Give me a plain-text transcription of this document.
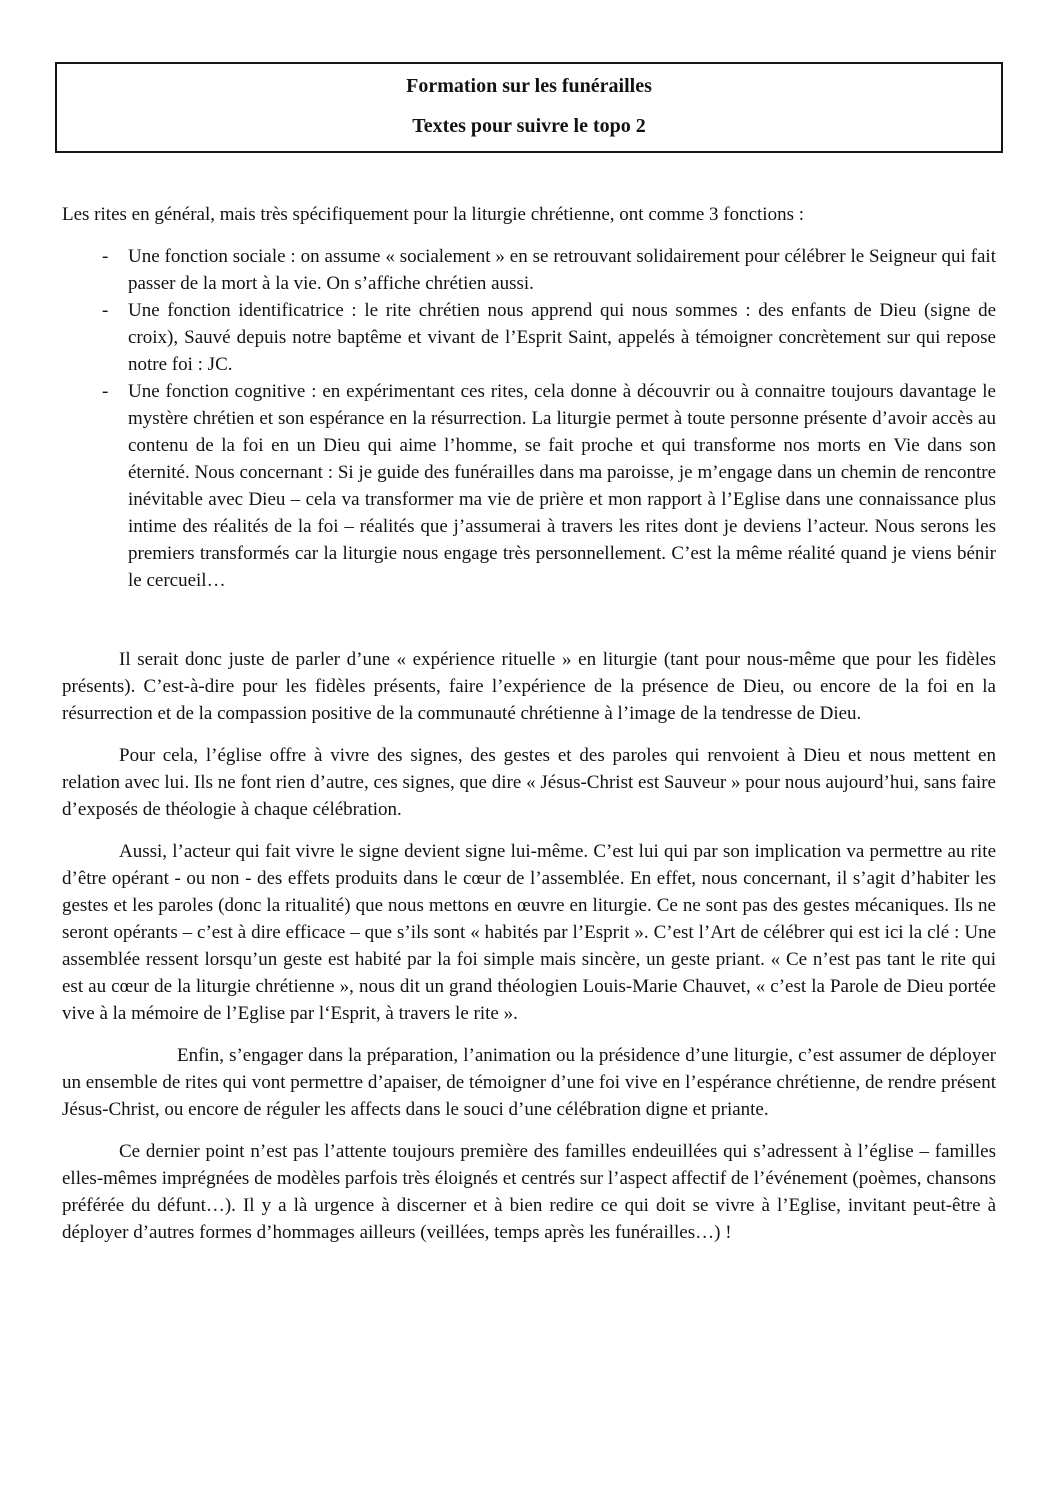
Formation sur les funérailles

Textes pour suivre le topo 2

Les rites en général, mais très spécifiquement pour la liturgie chrétienne, ont comme 3 fonctions :

- Une fonction sociale : on assume « socialement » en se retrouvant solidairement pour célébrer le Seigneur qui fait passer de la mort à la vie. On s’affiche chrétien aussi.
- Une fonction identificatrice : le rite chrétien nous apprend qui nous sommes : des enfants de Dieu (signe de croix), Sauvé depuis notre baptême et vivant de l’Esprit Saint, appelés à témoigner concrètement sur qui repose notre foi : JC.
- Une fonction cognitive : en expérimentant ces rites, cela donne à découvrir ou à connaitre toujours davantage le mystère chrétien et son espérance en la résurrection. La liturgie permet à toute personne présente d’avoir accès au contenu de la foi en un Dieu qui aime l’homme, se fait proche et qui transforme nos morts en Vie dans son éternité. Nous concernant : Si je guide des funérailles dans ma paroisse, je m’engage dans un chemin de rencontre inévitable avec Dieu – cela va transformer ma vie de prière et mon rapport à l’Eglise dans une connaissance plus intime des réalités de la foi – réalités que j’assumerai à travers les rites dont je deviens l’acteur. Nous serons les premiers transformés car la liturgie nous engage très personnellement. C’est la même réalité quand je viens bénir le cercueil…

Il serait donc juste de parler d’une « expérience rituelle » en liturgie (tant pour nous-même que pour les fidèles présents). C’est-à-dire pour les fidèles présents, faire l’expérience de la présence de Dieu, ou encore de la foi en la résurrection et de la compassion positive de la communauté chrétienne à l’image de la tendresse de Dieu.

Pour cela, l’église offre à vivre des signes, des gestes et des paroles qui renvoient à Dieu et nous mettent en relation avec lui. Ils ne font rien d’autre, ces signes, que dire « Jésus-Christ est Sauveur » pour nous aujourd’hui, sans faire d’exposés de théologie à chaque célébration.

Aussi, l’acteur qui fait vivre le signe devient signe lui-même. C’est lui qui par son implication va permettre au rite d’être opérant - ou non - des effets produits dans le cœur de l’assemblée. En effet, nous concernant, il s’agit d’habiter les gestes et les paroles (donc la ritualité) que nous mettons en œuvre en liturgie. Ce ne sont pas des gestes mécaniques. Ils ne seront opérants – c’est à dire efficace – que s’ils sont « habités par l’Esprit ». C’est l’Art de célébrer qui est ici la clé : Une assemblée ressent lorsqu’un geste est habité par la foi simple mais sincère, un geste priant. « Ce n’est pas tant le rite qui est au cœur de la liturgie chrétienne », nous dit un grand théologien Louis-Marie Chauvet, « c’est la Parole de Dieu portée vive à la mémoire de l’Eglise par l‘Esprit, à travers le rite ».

Enfin, s’engager dans la préparation, l’animation ou la présidence d’une liturgie, c’est assumer de déployer un ensemble de rites qui vont permettre d’apaiser, de témoigner d’une foi vive en l’espérance chrétienne, de rendre présent Jésus-Christ, ou encore de réguler les affects dans le souci d’une célébration digne et priante.

Ce dernier point n’est pas l’attente toujours première des familles endeuillées qui s’adressent à l’église – familles elles-mêmes imprégnées de modèles parfois très éloignés et centrés sur l’aspect affectif de l’événement (poèmes, chansons préférée du défunt…). Il y a là urgence à discerner et à bien redire ce qui doit se vivre à l’Eglise, invitant peut-être à déployer d’autres formes d’hommages ailleurs (veillées, temps après les funérailles…) !
